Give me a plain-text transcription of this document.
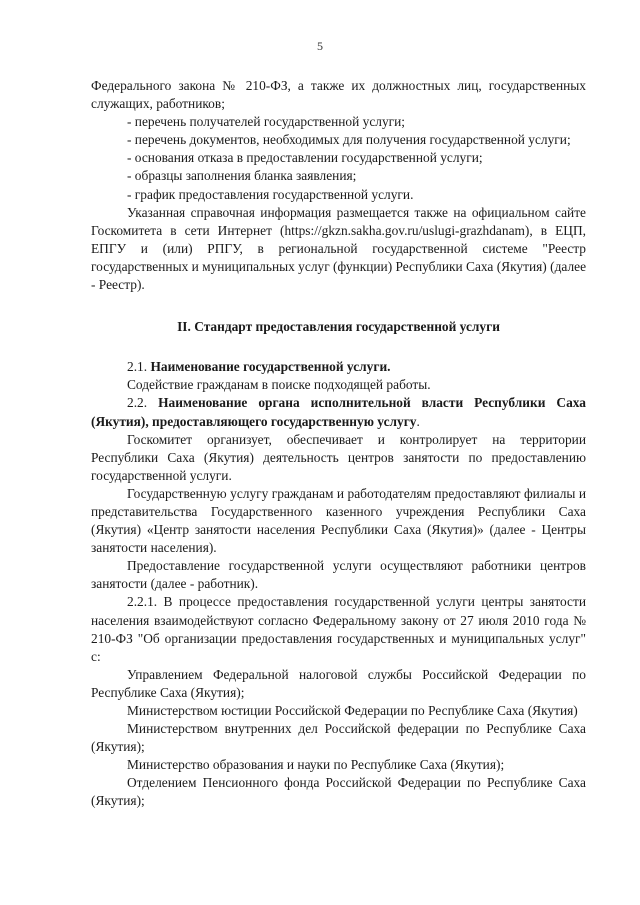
5

Федерального закона № 210-ФЗ, а также их должностных лиц, государственных служащих, работников;

- перечень получателей государственной услуги;

- перечень документов, необходимых для получения государственной услуги;

- основания отказа в предоставлении государственной услуги;

- образцы заполнения бланка заявления;

- график предоставления государственной услуги.

Указанная справочная информация размещается также на официальном сайте Госкомитета в сети Интернет (https://gkzn.sakha.gov.ru/uslugi-grazhdanam), в ЕЦП, ЕПГУ и (или) РПГУ, в региональной государственной системе "Реестр государственных и муниципальных услуг (функции) Республики Саха (Якутия) (далее - Реестр).

II. Стандарт предоставления государственной услуги

2.1. Наименование государственной услуги.

Содействие гражданам в поиске подходящей работы.

2.2. Наименование органа исполнительной власти Республики Саха (Якутия), предоставляющего государственную услугу.

Госкомитет организует, обеспечивает и контролирует на территории Республики Саха (Якутия) деятельность центров занятости по предоставлению государственной услуги.

Государственную услугу гражданам и работодателям предоставляют филиалы и представительства Государственного казенного учреждения Республики Саха (Якутия) «Центр занятости населения Республики Саха (Якутия)» (далее - Центры занятости населения).

Предоставление государственной услуги осуществляют работники центров занятости (далее - работник).

2.2.1. В процессе предоставления государственной услуги центры занятости населения взаимодействуют согласно Федеральному закону от 27 июля 2010 года № 210-ФЗ "Об организации предоставления государственных и муниципальных услуг" с:

Управлением Федеральной налоговой службы Российской Федерации по Республике Саха (Якутия);

Министерством юстиции Российской Федерации по Республике Саха (Якутия)

Министерством внутренних дел Российской федерации по Республике Саха (Якутия);

Министерство образования и науки по Республике Саха (Якутия);

Отделением Пенсионного фонда Российской Федерации по Республике Саха (Якутия);
